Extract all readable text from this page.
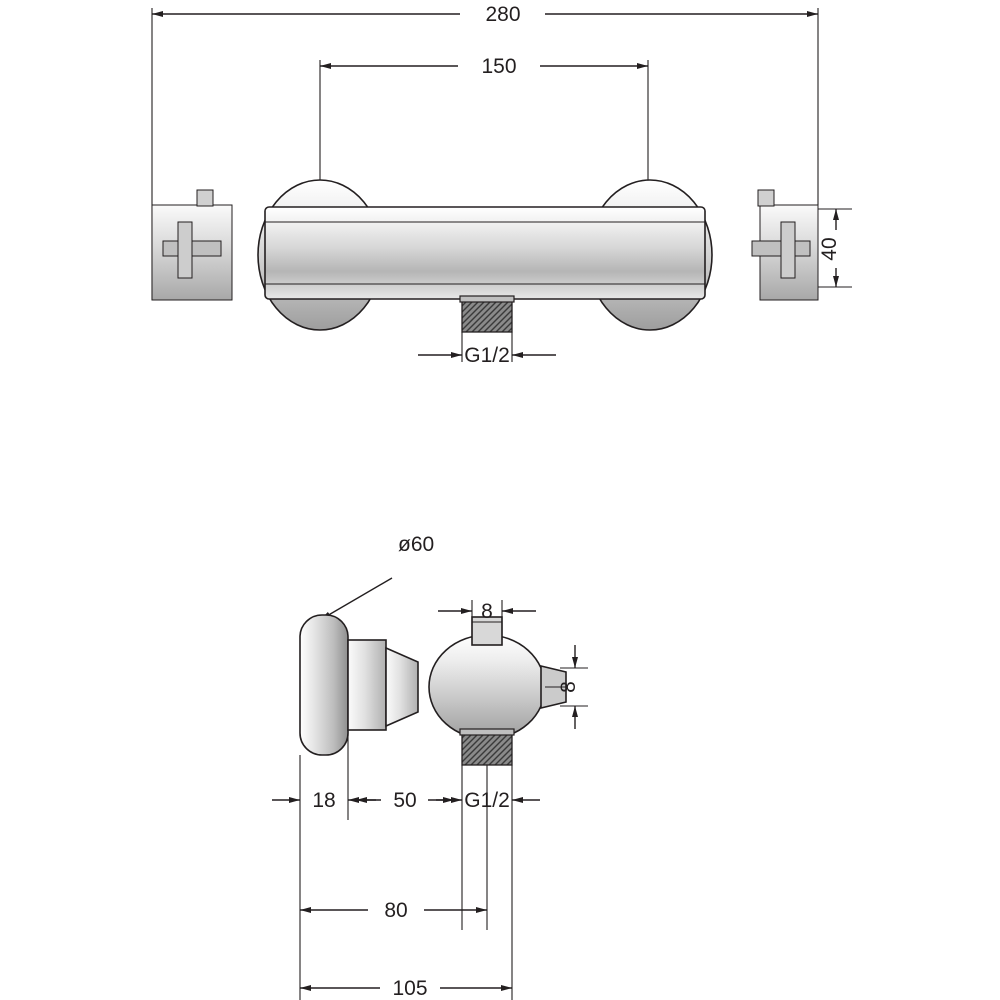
280
150
40
G1/2
ø60
8
8
18	50 G1/2
80
105
